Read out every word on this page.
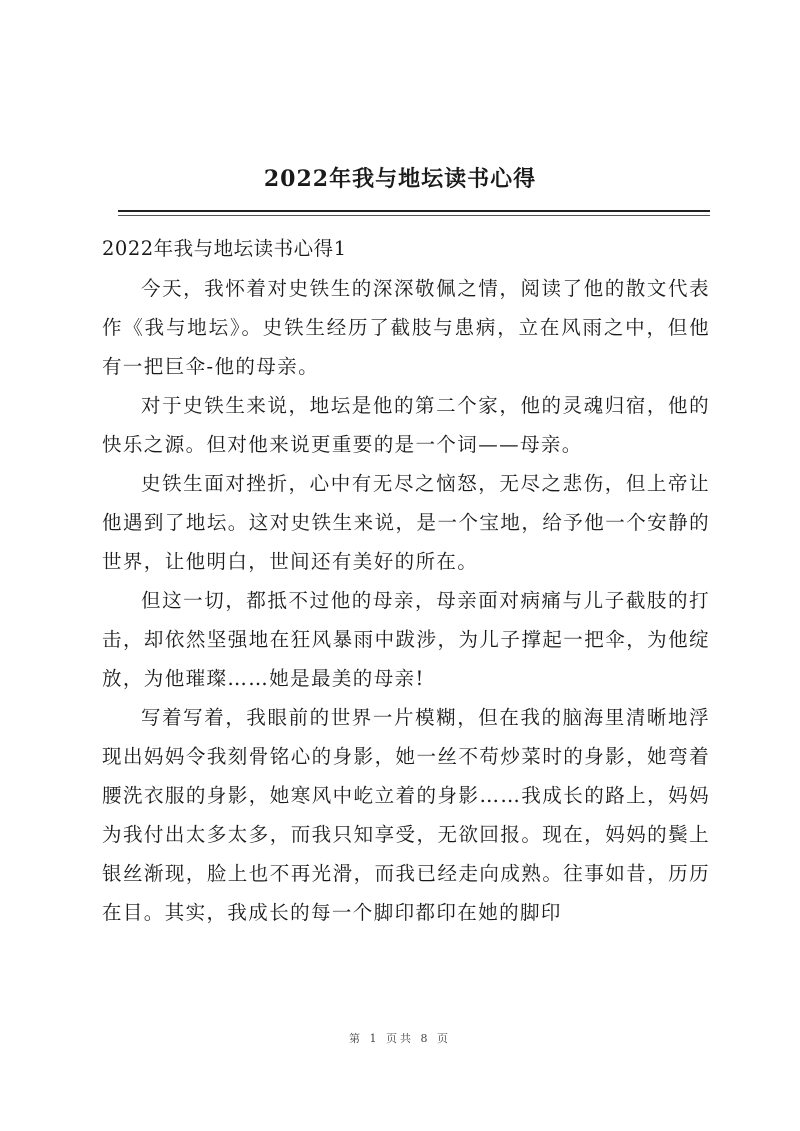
2022年我与地坛读书心得

2022年我与地坛读书心得1

今天，我怀着对史铁生的深深敬佩之情，阅读了他的散文代表作《我与地坛》。史铁生经历了截肢与患病，立在风雨之中，但他有一把巨伞-他的母亲。

对于史铁生来说，地坛是他的第二个家，他的灵魂归宿，他的快乐之源。但对他来说更重要的是一个词——母亲。

史铁生面对挫折，心中有无尽之恼怒，无尽之悲伤，但上帝让他遇到了地坛。这对史铁生来说，是一个宝地，给予他一个安静的世界，让他明白，世间还有美好的所在。

但这一切，都抵不过他的母亲，母亲面对病痛与儿子截肢的打击，却依然坚强地在狂风暴雨中跋涉，为儿子撑起一把伞，为他绽放，为他璀璨……她是最美的母亲!

写着写着，我眼前的世界一片模糊，但在我的脑海里清晰地浮现出妈妈令我刻骨铭心的身影，她一丝不苟炒菜时的身影，她弯着腰洗衣服的身影，她寒风中屹立着的身影……我成长的路上，妈妈为我付出太多太多，而我只知享受，无欲回报。现在，妈妈的鬓上银丝渐现，脸上也不再光滑，而我已经走向成熟。往事如昔，历历在目。其实，我成长的每一个脚印都印在她的脚印

第 1 页共 8 页
